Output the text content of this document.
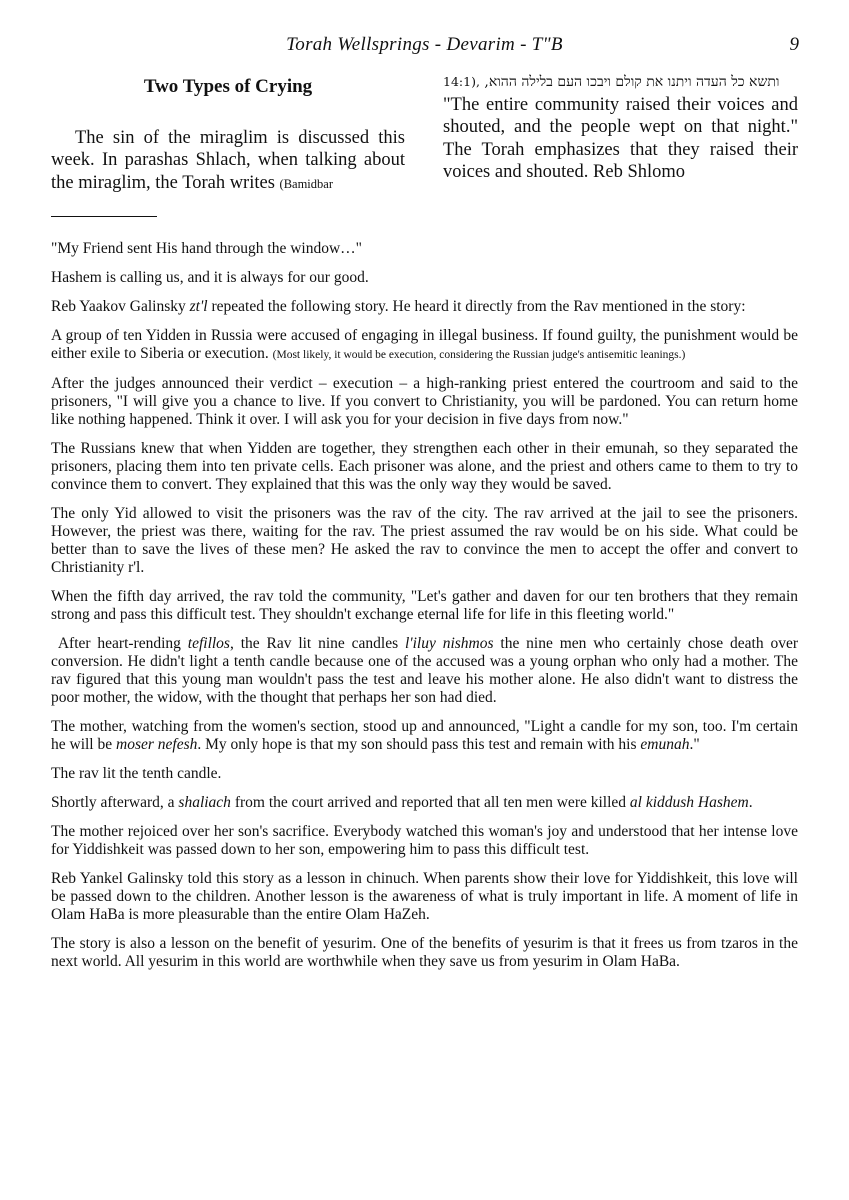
Torah Wellsprings - Devarim - T"B	9
Two Types of Crying

The sin of the miraglim is discussed this week. In parashas Shlach, when talking about the miraglim, the Torah writes (Bamidbar

14:1), ותשא כל העדה ויתנו את קולם ויבכו העם בלילה ההוא,
"The entire community raised their voices and shouted, and the people wept on that night." The Torah emphasizes that they raised their voices and shouted. Reb Shlomo

"My Friend sent His hand through the window…"

Hashem is calling us, and it is always for our good.

Reb Yaakov Galinsky zt'l repeated the following story. He heard it directly from the Rav mentioned in the story:

A group of ten Yidden in Russia were accused of engaging in illegal business. If found guilty, the punishment would be either exile to Siberia or execution. (Most likely, it would be execution, considering the Russian judge's antisemitic leanings.)

After the judges announced their verdict – execution – a high-ranking priest entered the courtroom and said to the prisoners, "I will give you a chance to live. If you convert to Christianity, you will be pardoned. You can return home like nothing happened. Think it over. I will ask you for your decision in five days from now."

The Russians knew that when Yidden are together, they strengthen each other in their emunah, so they separated the prisoners, placing them into ten private cells. Each prisoner was alone, and the priest and others came to them to try to convince them to convert. They explained that this was the only way they would be saved.

The only Yid allowed to visit the prisoners was the rav of the city. The rav arrived at the jail to see the prisoners. However, the priest was there, waiting for the rav. The priest assumed the rav would be on his side. What could be better than to save the lives of these men? He asked the rav to convince the men to accept the offer and convert to Christianity r'l.

When the fifth day arrived, the rav told the community, "Let's gather and daven for our ten brothers that they remain strong and pass this difficult test. They shouldn't exchange eternal life for life in this fleeting world."

After heart-rending tefillos, the Rav lit nine candles l'iluy nishmos the nine men who certainly chose death over conversion. He didn't light a tenth candle because one of the accused was a young orphan who only had a mother. The rav figured that this young man wouldn't pass the test and leave his mother alone. He also didn't want to distress the poor mother, the widow, with the thought that perhaps her son had died.

The mother, watching from the women's section, stood up and announced, "Light a candle for my son, too. I'm certain he will be moser nefesh. My only hope is that my son should pass this test and remain with his emunah."

The rav lit the tenth candle.

Shortly afterward, a shaliach from the court arrived and reported that all ten men were killed al kiddush Hashem.

The mother rejoiced over her son's sacrifice. Everybody watched this woman's joy and understood that her intense love for Yiddishkeit was passed down to her son, empowering him to pass this difficult test.

Reb Yankel Galinsky told this story as a lesson in chinuch. When parents show their love for Yiddishkeit, this love will be passed down to the children. Another lesson is the awareness of what is truly important in life. A moment of life in Olam HaBa is more pleasurable than the entire Olam HaZeh.

The story is also a lesson on the benefit of yesurim. One of the benefits of yesurim is that it frees us from tzaros in the next world. All yesurim in this world are worthwhile when they save us from yesurim in Olam HaBa.
